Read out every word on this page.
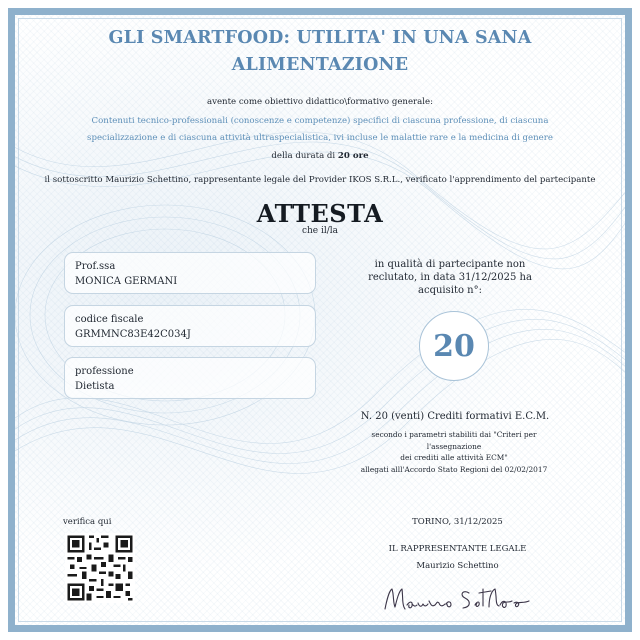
GLI SMARTFOOD: UTILITA' IN UNA SANA
ALIMENTAZIONE
avente come obiettivo didattico\formativo generale:
Contenuti tecnico-professionali (conoscenze e competenze) specifici di ciascuna professione, di ciascuna
specializzazione e di ciascuna attività ultraspecialistica, ivi incluse le malattie rare e la medicina di genere
della durata di 20 ore
il sottoscritto Maurizio Schettino, rappresentante legale del Provider IKOS S.R.L., verificato l'apprendimento del partecipante
ATTESTA
che il/la
Prof.ssa
MONICA GERMANI
codice fiscale
GRMMNC83E42C034J
professione
Dietista
in qualità di partecipante non
reclutato, in data 31/12/2025 ha
acquisito n°:
20
N. 20 (venti) Crediti formativi E.C.M.
secondo i parametri stabiliti dai "Criteri per
l'assegnazione
dei crediti alle attività ECM"
allegati alll'Accordo Stato Regioni del 02/02/2017
verifica qui	TORINO, 31/12/2025
IL RAPPRESENTANTE LEGALE
Maurizio Schettino
